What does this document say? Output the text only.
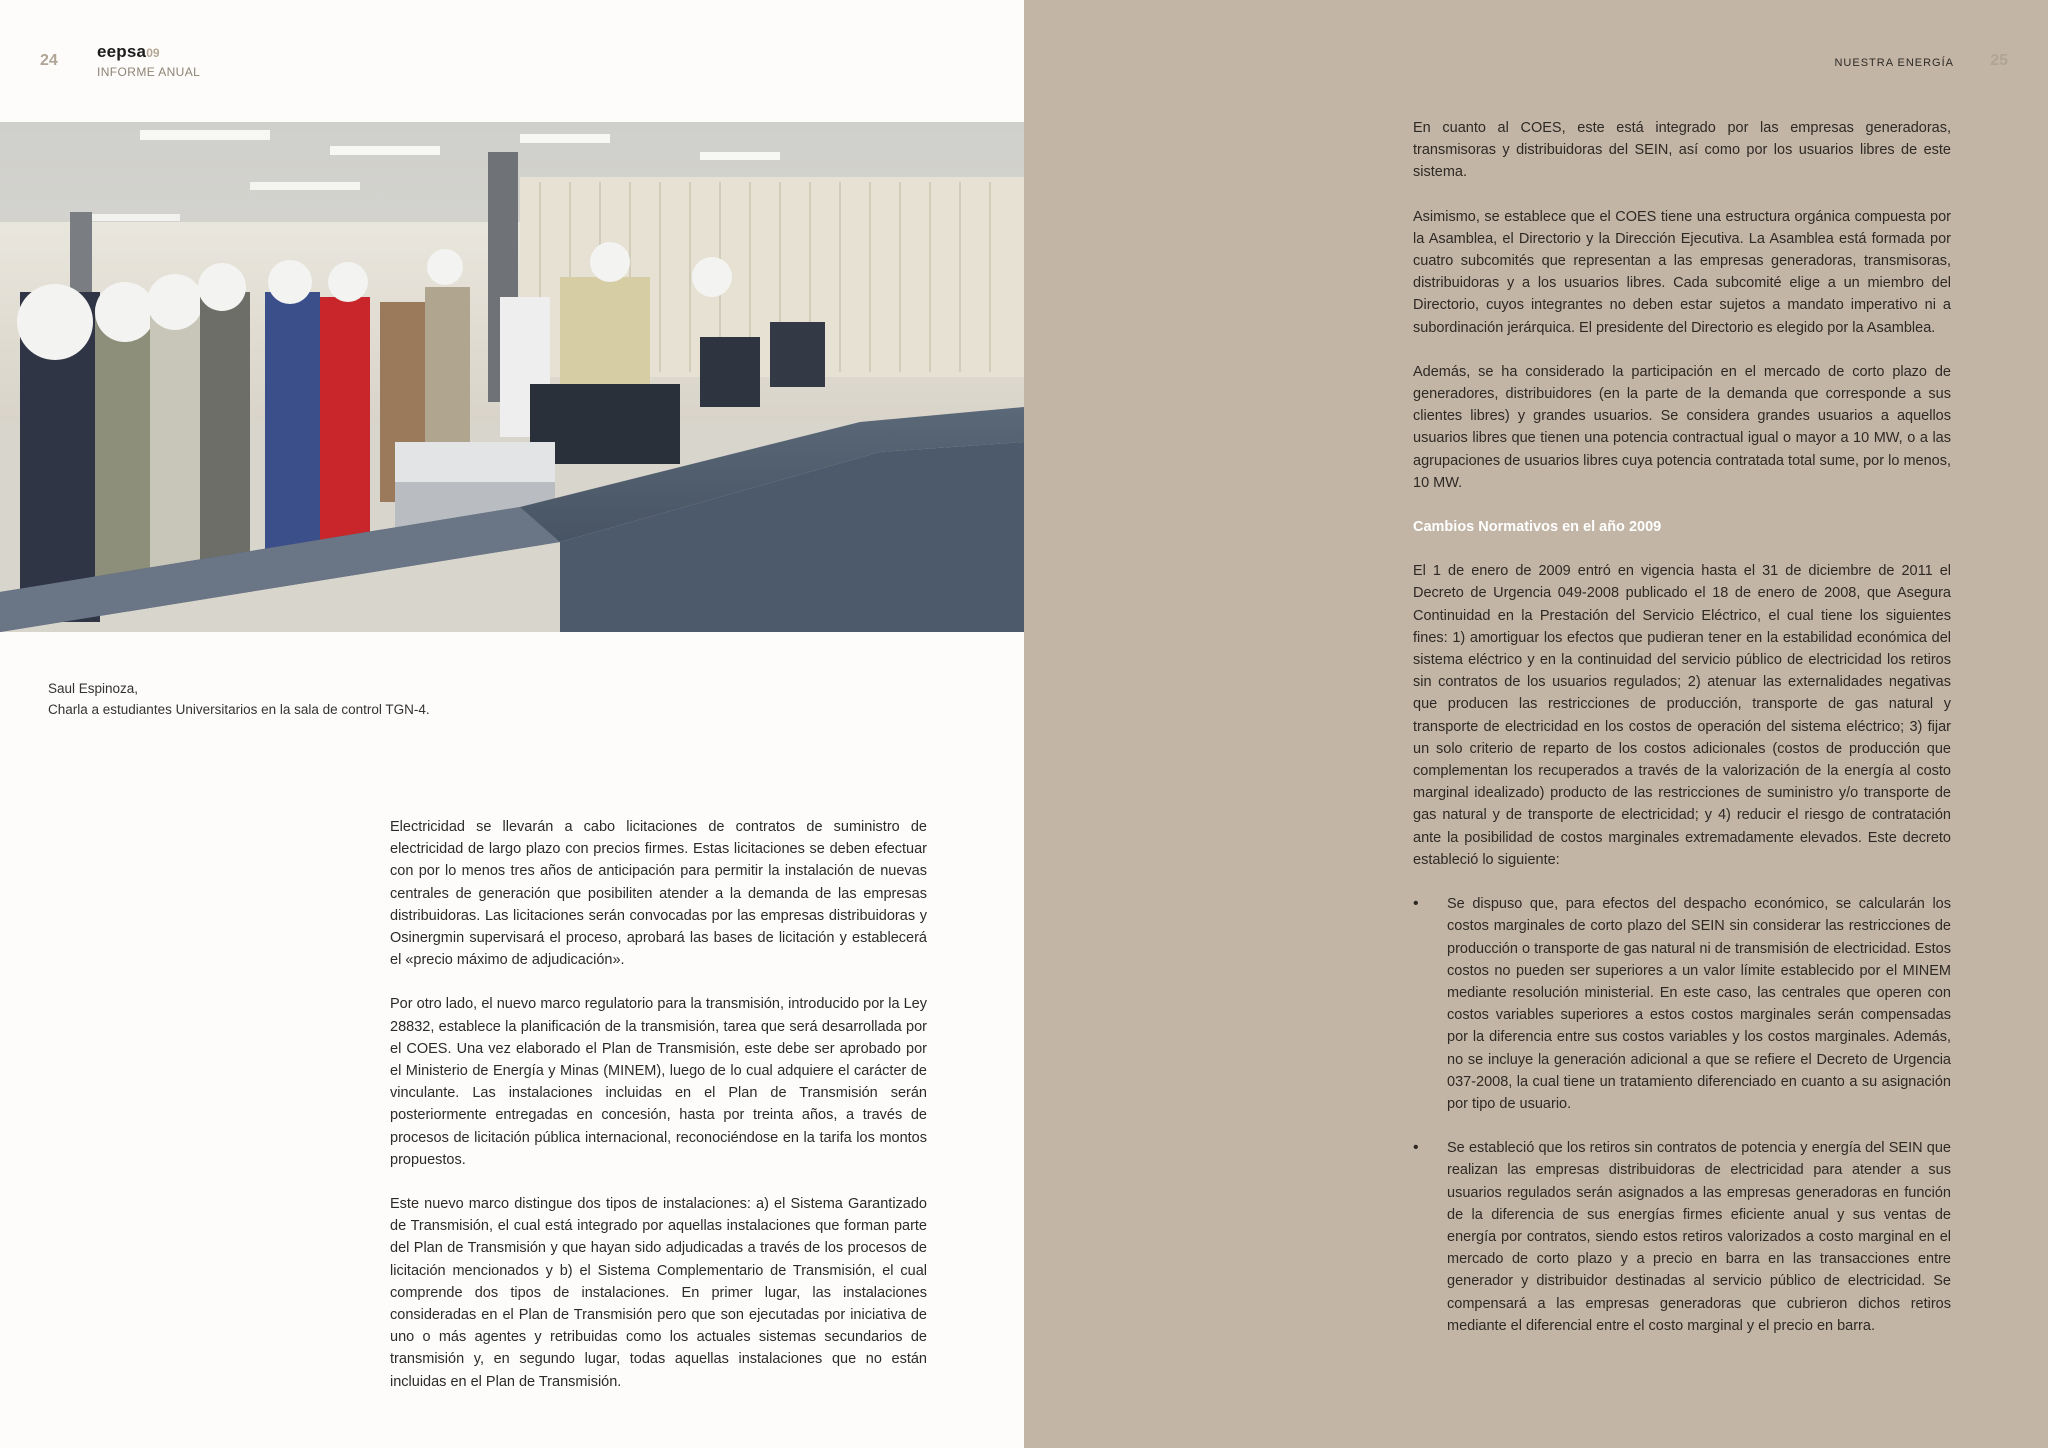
24 eepsa09
INFORME ANUAL
Saul Espinoza,
Charla a estudiantes Universitarios en la sala de control TGN-4.

Electricidad se llevarán a cabo licitaciones de contratos de suministro de electricidad de largo plazo con precios firmes. Estas licitaciones se deben efectuar con por lo menos tres años de anticipación para permitir la instalación de nuevas centrales de generación que posibiliten atender a la demanda de las empresas distribuidoras. Las licitaciones serán convocadas por las empresas distribuidoras y Osinergmin supervisará el proceso, aprobará las bases de licitación y establecerá el «precio máximo de adjudicación».

Por otro lado, el nuevo marco regulatorio para la transmisión, introducido por la Ley 28832, establece la planificación de la transmisión, tarea que será desarrollada por el COES. Una vez elaborado el Plan de Transmisión, este debe ser aprobado por el Ministerio de Energía y Minas (MINEM), luego de lo cual adquiere el carácter de vinculante. Las instalaciones incluidas en el Plan de Transmisión serán posteriormente entregadas en concesión, hasta por treinta años, a través de procesos de licitación pública internacional, reconociéndose en la tarifa los montos propuestos.

Este nuevo marco distingue dos tipos de instalaciones: a) el Sistema Garantizado de Transmisión, el cual está integrado por aquellas instalaciones que forman parte del Plan de Transmisión y que hayan sido adjudicadas a través de los procesos de licitación mencionados y b) el Sistema Complementario de Transmisión, el cual comprende dos tipos de instalaciones. En primer lugar, las instalaciones consideradas en el Plan de Transmisión pero que son ejecutadas por iniciativa de uno o más agentes y retribuidas como los actuales sistemas secundarios de transmisión y, en segundo lugar, todas aquellas instalaciones que no están incluidas en el Plan de Transmisión.

NUESTRA ENERGÍA 25

En cuanto al COES, este está integrado por las empresas generadoras, transmisoras y distribuidoras del SEIN, así como por los usuarios libres de este sistema.

Asimismo, se establece que el COES tiene una estructura orgánica compuesta por la Asamblea, el Directorio y la Dirección Ejecutiva. La Asamblea está formada por cuatro subcomités que representan a las empresas generadoras, transmisoras, distribuidoras y a los usuarios libres. Cada subcomité elige a un miembro del Directorio, cuyos integrantes no deben estar sujetos a mandato imperativo ni a subordinación jerárquica. El presidente del Directorio es elegido por la Asamblea.

Además, se ha considerado la participación en el mercado de corto plazo de generadores, distribuidores (en la parte de la demanda que corresponde a sus clientes libres) y grandes usuarios. Se considera grandes usuarios a aquellos usuarios libres que tienen una potencia contractual igual o mayor a 10 MW, o a las agrupaciones de usuarios libres cuya potencia contratada total sume, por lo menos, 10 MW.

Cambios Normativos en el año 2009

El 1 de enero de 2009 entró en vigencia hasta el 31 de diciembre de 2011 el Decreto de Urgencia 049-2008 publicado el 18 de enero de 2008, que Asegura Continuidad en la Prestación del Servicio Eléctrico, el cual tiene los siguientes fines: 1) amortiguar los efectos que pudieran tener en la estabilidad económica del sistema eléctrico y en la continuidad del servicio público de electricidad los retiros sin contratos de los usuarios regulados; 2) atenuar las externalidades negativas que producen las restricciones de producción, transporte de gas natural y transporte de electricidad en los costos de operación del sistema eléctrico; 3) fijar un solo criterio de reparto de los costos adicionales (costos de producción que complementan los recuperados a través de la valorización de la energía al costo marginal idealizado) producto de las restricciones de suministro y/o transporte de gas natural y de transporte de electricidad; y 4) reducir el riesgo de contratación ante la posibilidad de costos marginales extremadamente elevados. Este decreto estableció lo siguiente:

• Se dispuso que, para efectos del despacho económico, se calcularán los costos marginales de corto plazo del SEIN sin considerar las restricciones de producción o transporte de gas natural ni de transmisión de electricidad. Estos costos no pueden ser superiores a un valor límite establecido por el MINEM mediante resolución ministerial. En este caso, las centrales que operen con costos variables superiores a estos costos marginales serán compensadas por la diferencia entre sus costos variables y los costos marginales. Además, no se incluye la generación adicional a que se refiere el Decreto de Urgencia 037-2008, la cual tiene un tratamiento diferenciado en cuanto a su asignación por tipo de usuario.
• Se estableció que los retiros sin contratos de potencia y energía del SEIN que realizan las empresas distribuidoras de electricidad para atender a sus usuarios regulados serán asignados a las empresas generadoras en función de la diferencia de sus energías firmes eficiente anual y sus ventas de energía por contratos, siendo estos retiros valorizados a costo marginal en el mercado de corto plazo y a precio en barra en las transacciones entre generador y distribuidor destinadas al servicio público de electricidad. Se compensará a las empresas generadoras que cubrieron dichos retiros mediante el diferencial entre el costo marginal y el precio en barra.
